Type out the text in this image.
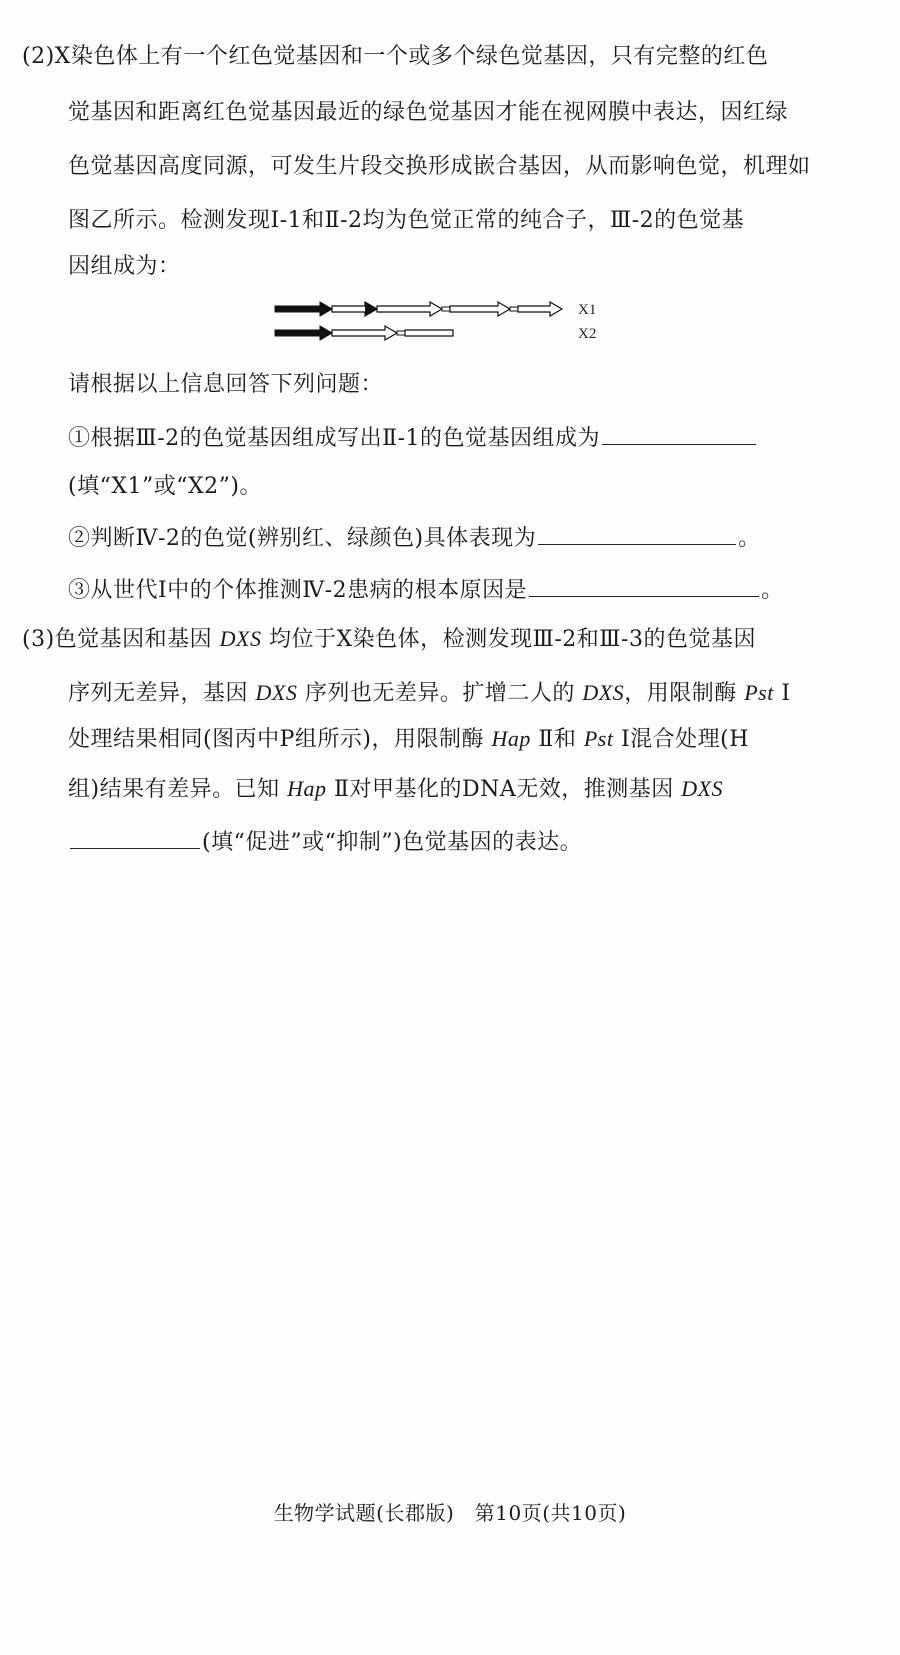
(2)X染色体上有一个红色觉基因和一个或多个绿色觉基因，只有完整的红色
觉基因和距离红色觉基因最近的绿色觉基因才能在视网膜中表达，因红绿
色觉基因高度同源，可发生片段交换形成嵌合基因，从而影响色觉，机理如
图乙所示。检测发现Ⅰ-1和Ⅱ-2均为色觉正常的纯合子，Ⅲ-2的色觉基
因组成为：
X1
X2
请根据以上信息回答下列问题：
①根据Ⅲ-2的色觉基因组成写出Ⅱ-1的色觉基因组成为
(填“X1”或“X2”)。
②判断Ⅳ-2的色觉(辨别红、绿颜色)具体表现为	。
③从世代Ⅰ中的个体推测Ⅳ-2患病的根本原因是	。
(3)色觉基因和基因 DXS 均位于X染色体，检测发现Ⅲ-2和Ⅲ-3的色觉基因
序列无差异，基因 DXS 序列也无差异。扩增二人的 DXS，用限制酶 Pst Ⅰ
处理结果相同(图丙中P组所示)，用限制酶 Hap Ⅱ和 Pst Ⅰ混合处理(H
组)结果有差异。已知 Hap Ⅱ对甲基化的DNA无效，推测基因 DXS
(填“促进”或“抑制”)色觉基因的表达。
生物学试题(长郡版)　第10页(共10页)
